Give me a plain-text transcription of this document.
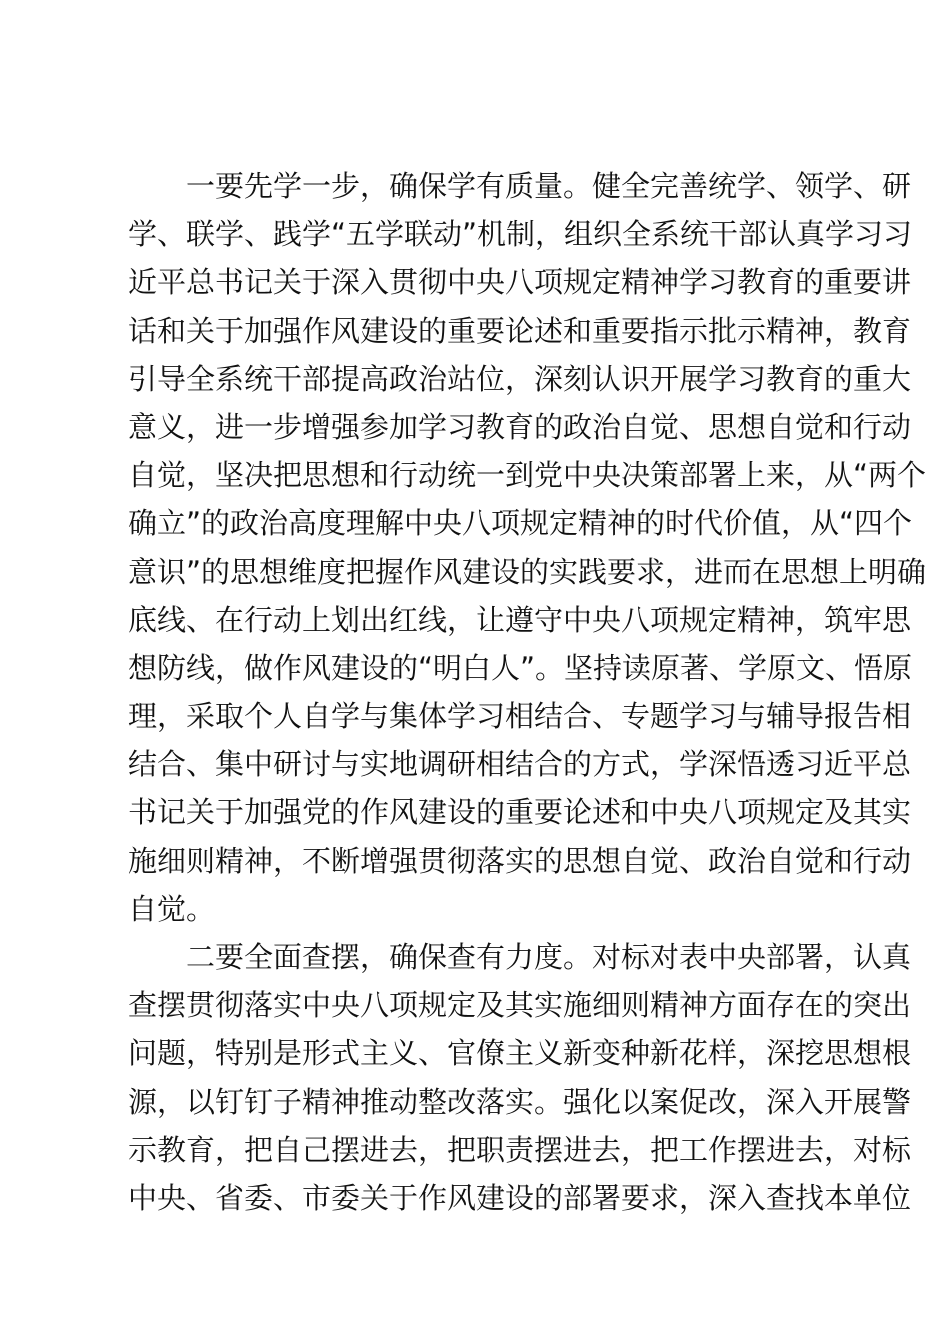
一要先学一步，确保学有质量。健全完善统学、领学、研
学、联学、践学“五学联动”机制，组织全系统干部认真学习习
近平总书记关于深入贯彻中央八项规定精神学习教育的重要讲
话和关于加强作风建设的重要论述和重要指示批示精神，教育
引导全系统干部提高政治站位，深刻认识开展学习教育的重大
意义，进一步增强参加学习教育的政治自觉、思想自觉和行动
自觉，坚决把思想和行动统一到党中央决策部署上来，从“两个
确立”的政治高度理解中央八项规定精神的时代价值，从“四个
意识”的思想维度把握作风建设的实践要求，进而在思想上明确
底线、在行动上划出红线，让遵守中央八项规定精神，筑牢思
想防线，做作风建设的“明白人”。坚持读原著、学原文、悟原
理，采取个人自学与集体学习相结合、专题学习与辅导报告相
结合、集中研讨与实地调研相结合的方式，学深悟透习近平总
书记关于加强党的作风建设的重要论述和中央八项规定及其实
施细则精神，不断增强贯彻落实的思想自觉、政治自觉和行动
自觉。
二要全面查摆，确保查有力度。对标对表中央部署，认真
查摆贯彻落实中央八项规定及其实施细则精神方面存在的突出
问题，特别是形式主义、官僚主义新变种新花样，深挖思想根
源，以钉钉子精神推动整改落实。强化以案促改，深入开展警
示教育，把自己摆进去，把职责摆进去，把工作摆进去，对标
中央、省委、市委关于作风建设的部署要求，深入查找本单位
